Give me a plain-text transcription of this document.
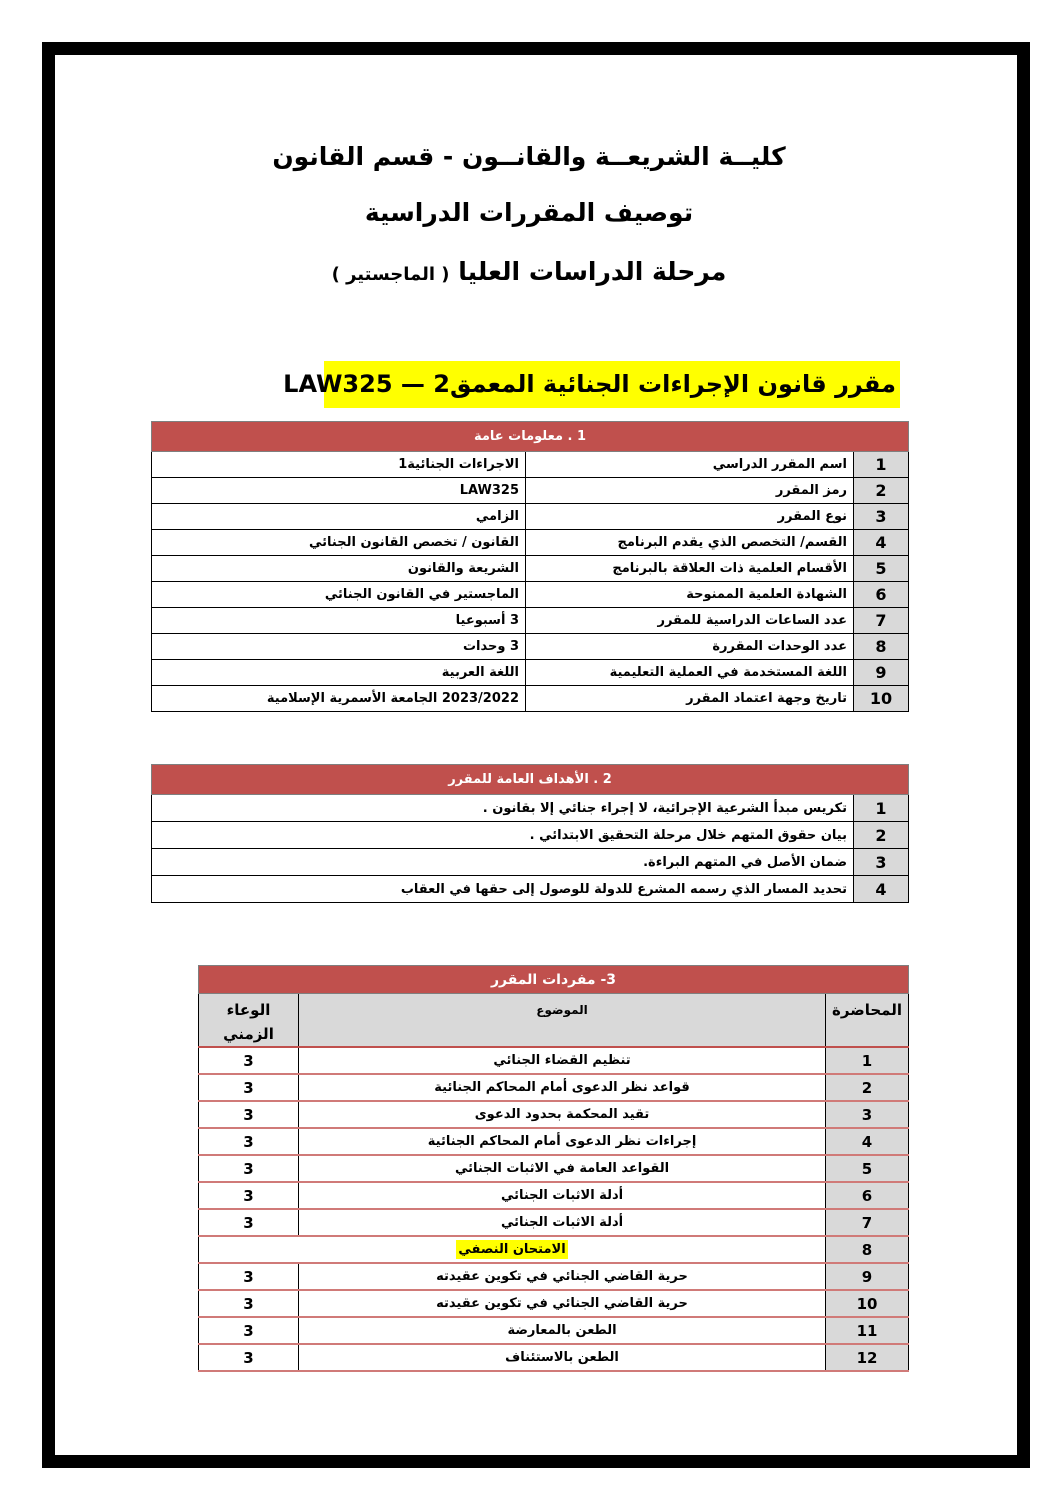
كليــة الشريعــة والقانــون - قسم القانون
توصيف المقررات الدراسية
مرحلة الدراسات العليا ( الماجستير )
مقرر قانون الإجراءات الجنائية المعمق2 — LAW325
1 . معلومات عامة		
1	اسم المقرر الدراسي	الاجراءات الجنائية1
2	رمز المقرر	LAW325
3	نوع المقرر	الزامي
4	القسم/ التخصص الذي يقدم البرنامج	القانون / تخصص القانون الجنائي
5	الأقسام العلمية ذات العلاقة بالبرنامج	الشريعة والقانون
6	الشهادة العلمية الممنوحة	الماجستير في القانون الجنائي
7	عدد الساعات الدراسية للمقرر	3 أسبوعيا
8	عدد الوحدات المقررة	3 وحدات
9	اللغة المستخدمة في العملية التعليمية	اللغة العربية
10	تاريخ وجهة اعتماد المقرر	2023/2022 الجامعة الأسمرية الإسلامية
2 . الأهداف العامة للمقرر	
1	تكريس مبدأ الشرعية الإجرائية، لا إجراء جنائي إلا بقانون .
2	بيان حقوق المتهم خلال مرحلة التحقيق الابتدائي .
3	ضمان الأصل في المتهم البراءة.
4	تحديد المسار الذي رسمه المشرع للدولة للوصول إلى حقها في العقاب
3- مفردات المقرر		
المحاضرة	الموضوع	الوعاء
الزمني
1	تنظيم القضاء الجنائي	3
2	قواعد نظر الدعوى أمام المحاكم الجنائية	3
3	تقيد المحكمة بحدود الدعوى	3
4	إجراءات نظر الدعوى أمام المحاكم الجنائية	3
5	القواعد العامة في الاثبات الجنائي	3
6	أدلة الاثبات الجنائي	3
7	أدلة الاثبات الجنائي	3
8	الامتحان النصفي	
9	حرية القاضي الجنائي في تكوين عقيدته	3
10	حرية القاضي الجنائي في تكوين عقيدته	3
11	الطعن بالمعارضة	3
12	الطعن بالاستئناف	3
